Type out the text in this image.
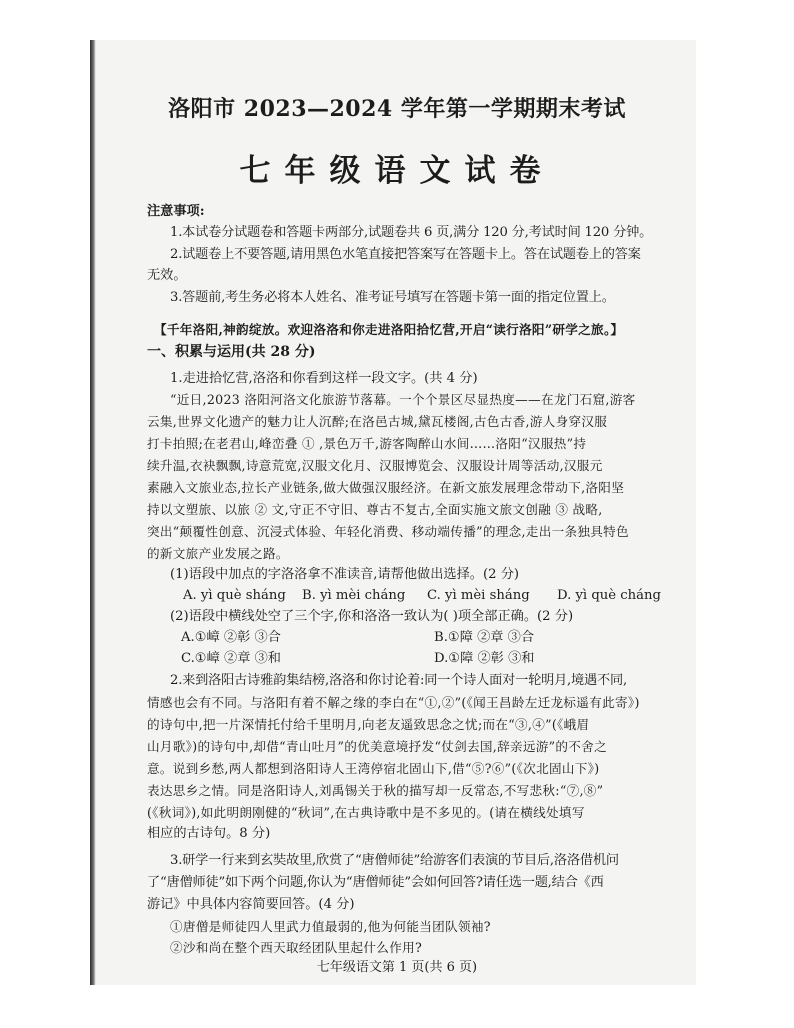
洛阳市 2023—2024 学年第一学期期末考试
七年级语文试卷
注意事项:
1.本试卷分试题卷和答题卡两部分,试题卷共 6 页,满分 120 分,考试时间 120 分钟。
2.试题卷上不要答题,请用黑色水笔直接把答案写在答题卡上。答在试题卷上的答案
无效。
3.答题前,考生务必将本人姓名、准考证号填写在答题卡第一面的指定位置上。
【千年洛阳,神韵绽放。欢迎洛洛和你走进洛阳拾忆营,开启“读行洛阳”研学之旅。】
一、积累与运用(共 28 分)
1.走进拾忆营,洛洛和你看到这样一段文字。(共 4 分)
“近日,2023 洛阳河洛文化旅游节落幕。一个个景区尽显热度——在龙门石窟,游客
云集,世界文化遗产的魅力让人沉醉;在洛邑古城,黛瓦楼阁,古色古香,游人身穿汉服
打卡拍照;在老君山,峰峦叠 ① ,景色万千,游客陶醉山水间……洛阳“汉服热”持
续升温,衣袂飘飘,诗意荒宽,汉服文化月、汉服博览会、汉服设计周等活动,汉服元
素融入文旅业态,拉长产业链条,做大做强汉服经济。在新文旅发展理念带动下,洛阳坚
持以文塑旅、以旅 ② 文,守正不守旧、尊古不复古,全面实施文旅文创融 ③ 战略,
突出“颠覆性创意、沉浸式体验、年轻化消费、移动端传播”的理念,走出一条独具特色
的新文旅产业发展之路。
(1)语段中加点的字洛洛拿不准读音,请帮他做出选择。(2 分)
A. yì què sháng B. yì mèi cháng C. yì mèi sháng D. yì què cháng
(2)语段中横线处空了三个字,你和洛洛一致认为( )项全部正确。(2 分)
A.①嶂 ②彰 ③合	B.①障 ②章 ③合
C.①嶂 ②章 ③和	D.①障 ②彰 ③和
2.来到洛阳古诗雅韵集结榜,洛洛和你讨论着:同一个诗人面对一轮明月,境遇不同,
情感也会有不同。与洛阳有着不解之缘的李白在“①,②”(《闻王昌龄左迁龙标遥有此寄》)
的诗句中,把一片深情托付给千里明月,向老友遥致思念之忧;而在“③,④”(《峨眉
山月歌》)的诗句中,却借“青山吐月”的优美意境抒发“仗剑去国,辞亲远游”的不舍之
意。说到乡愁,两人都想到洛阳诗人王湾停宿北固山下,借“⑤?⑥”(《次北固山下》)
表达思乡之情。同是洛阳诗人,刘禹锡关于秋的描写却一反常态,不写悲秋:“⑦,⑧”
(《秋词》),如此明朗刚健的“秋词”,在古典诗歌中是不多见的。(请在横线处填写
相应的古诗句。8 分)
3.研学一行来到玄奘故里,欣赏了“唐僧师徒”给游客们表演的节目后,洛洛借机问
了“唐僧师徒”如下两个问题,你认为“唐僧师徒”会如何回答?请任选一题,结合《西
游记》中具体内容简要回答。(4 分)
①唐僧是师徒四人里武力值最弱的,他为何能当团队领袖?
②沙和尚在整个西天取经团队里起什么作用?
七年级语文第 1 页(共 6 页)
